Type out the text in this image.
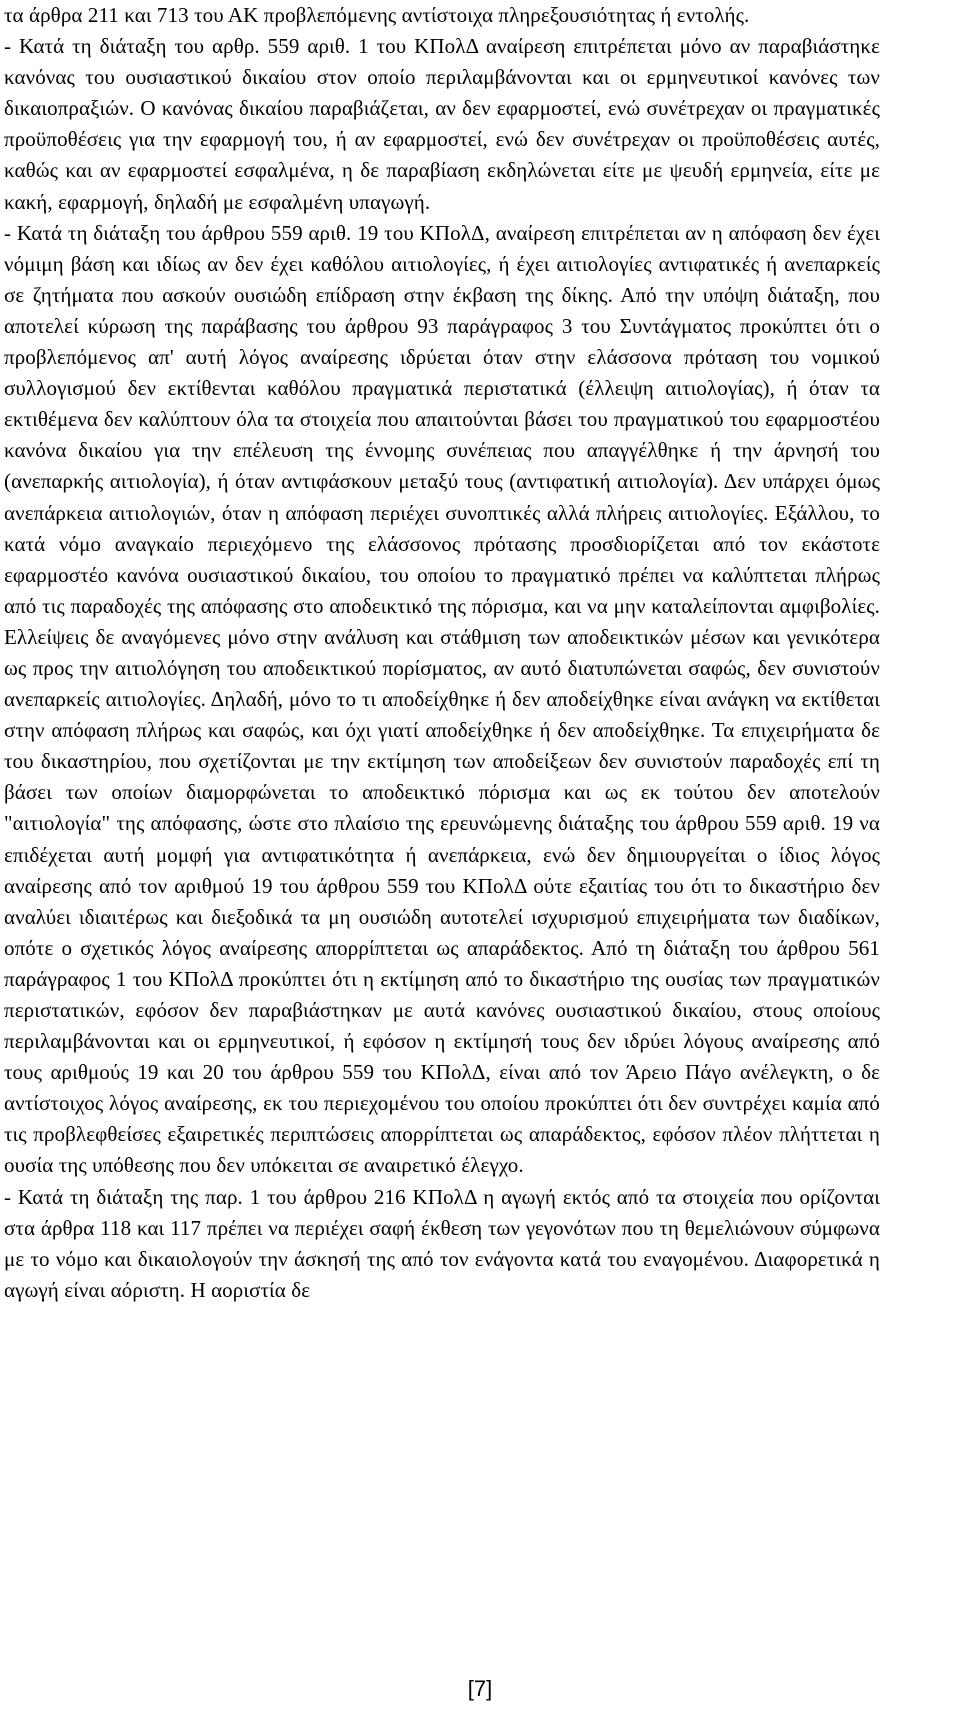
τα άρθρα 211 και 713 του ΑΚ προβλεπόμενης αντίστοιχα πληρεξουσιότητας ή εντολής.

- Κατά τη διάταξη του αρθρ. 559 αριθ. 1 του ΚΠολΔ αναίρεση επιτρέπεται μόνο αν παραβιάστηκε κανόνας του ουσιαστικού δικαίου στον οποίο περιλαμβάνονται και οι ερμηνευτικοί κανόνες των δικαιοπραξιών. Ο κανόνας δικαίου παραβιάζεται, αν δεν εφαρμοστεί, ενώ συνέτρεχαν οι πραγματικές προϋποθέσεις για την εφαρμογή του, ή αν εφαρμοστεί, ενώ δεν συνέτρεχαν οι προϋποθέσεις αυτές, καθώς και αν εφαρμοστεί εσφαλμένα, η δε παραβίαση εκδηλώνεται είτε με ψευδή ερμηνεία, είτε με κακή, εφαρμογή, δηλαδή με εσφαλμένη υπαγωγή.

- Κατά τη διάταξη του άρθρου 559 αριθ. 19 του ΚΠολΔ, αναίρεση επιτρέπεται αν η απόφαση δεν έχει νόμιμη βάση και ιδίως αν δεν έχει καθόλου αιτιολογίες, ή έχει αιτιολογίες αντιφατικές ή ανεπαρκείς σε ζητήματα που ασκούν ουσιώδη επίδραση στην έκβαση της δίκης. Από την υπόψη διάταξη, που αποτελεί κύρωση της παράβασης του άρθρου 93 παράγραφος 3 του Συντάγματος προκύπτει ότι ο προβλεπόμενος απ' αυτή λόγος αναίρεσης ιδρύεται όταν στην ελάσσονα πρόταση του νομικού συλλογισμού δεν εκτίθενται καθόλου πραγματικά περιστατικά (έλλειψη αιτιολογίας), ή όταν τα εκτιθέμενα δεν καλύπτουν όλα τα στοιχεία που απαιτούνται βάσει του πραγματικού του εφαρμοστέου κανόνα δικαίου για την επέλευση της έννομης συνέπειας που απαγγέλθηκε ή την άρνησή του (ανεπαρκής αιτιολογία), ή όταν αντιφάσκουν μεταξύ τους (αντιφατική αιτιολογία). Δεν υπάρχει όμως ανεπάρκεια αιτιολογιών, όταν η απόφαση περιέχει συνοπτικές αλλά πλήρεις αιτιολογίες. Εξάλλου, το κατά νόμο αναγκαίο περιεχόμενο της ελάσσονος πρότασης προσδιορίζεται από τον εκάστοτε εφαρμοστέο κανόνα ουσιαστικού δικαίου, του οποίου το πραγματικό πρέπει να καλύπτεται πλήρως από τις παραδοχές της απόφασης στο αποδεικτικό της πόρισμα, και να μην καταλείπονται αμφιβολίες. Ελλείψεις δε αναγόμενες μόνο στην ανάλυση και στάθμιση των αποδεικτικών μέσων και γενικότερα ως προς την αιτιολόγηση του αποδεικτικού πορίσματος, αν αυτό διατυπώνεται σαφώς, δεν συνιστούν ανεπαρκείς αιτιολογίες. Δηλαδή, μόνο το τι αποδείχθηκε ή δεν αποδείχθηκε είναι ανάγκη να εκτίθεται στην απόφαση πλήρως και σαφώς, και όχι γιατί αποδείχθηκε ή δεν αποδείχθηκε. Τα επιχειρήματα δε του δικαστηρίου, που σχετίζονται με την εκτίμηση των αποδείξεων δεν συνιστούν παραδοχές επί τη βάσει των οποίων διαμορφώνεται το αποδεικτικό πόρισμα και ως εκ τούτου δεν αποτελούν "αιτιολογία" της απόφασης, ώστε στο πλαίσιο της ερευνώμενης διάταξης του άρθρου 559 αριθ. 19 να επιδέχεται αυτή μομφή για αντιφατικότητα ή ανεπάρκεια, ενώ δεν δημιουργείται ο ίδιος λόγος αναίρεσης από τον αριθμού 19 του άρθρου 559 του ΚΠολΔ ούτε εξαιτίας του ότι το δικαστήριο δεν αναλύει ιδιαιτέρως και διεξοδικά τα μη ουσιώδη αυτοτελεί ισχυρισμού επιχειρήματα των διαδίκων, οπότε ο σχετικός λόγος αναίρεσης απορρίπτεται ως απαράδεκτος. Από τη διάταξη του άρθρου 561 παράγραφος 1 του ΚΠολΔ προκύπτει ότι η εκτίμηση από το δικαστήριο της ουσίας των πραγματικών περιστατικών, εφόσον δεν παραβιάστηκαν με αυτά κανόνες ουσιαστικού δικαίου, στους οποίους περιλαμβάνονται και οι ερμηνευτικοί, ή εφόσον η εκτίμησή τους δεν ιδρύει λόγους αναίρεσης από τους αριθμούς 19 και 20 του άρθρου 559 του ΚΠολΔ, είναι από τον Άρειο Πάγο ανέλεγκτη, ο δε αντίστοιχος λόγος αναίρεσης, εκ του περιεχομένου του οποίου προκύπτει ότι δεν συντρέχει καμία από τις προβλεφθείσες εξαιρετικές περιπτώσεις απορρίπτεται ως απαράδεκτος, εφόσον πλέον πλήττεται η ουσία της υπόθεσης που δεν υπόκειται σε αναιρετικό έλεγχο.

- Κατά τη διάταξη της παρ. 1 του άρθρου 216 ΚΠολΔ η αγωγή εκτός από τα στοιχεία που ορίζονται στα άρθρα 118 και 117 πρέπει να περιέχει σαφή έκθεση των γεγονότων που τη θεμελιώνουν σύμφωνα με το νόμο και δικαιολογούν την άσκησή της από τον ενάγοντα κατά του εναγομένου. Διαφορετικά η αγωγή είναι αόριστη. Η αοριστία δε

[7]
